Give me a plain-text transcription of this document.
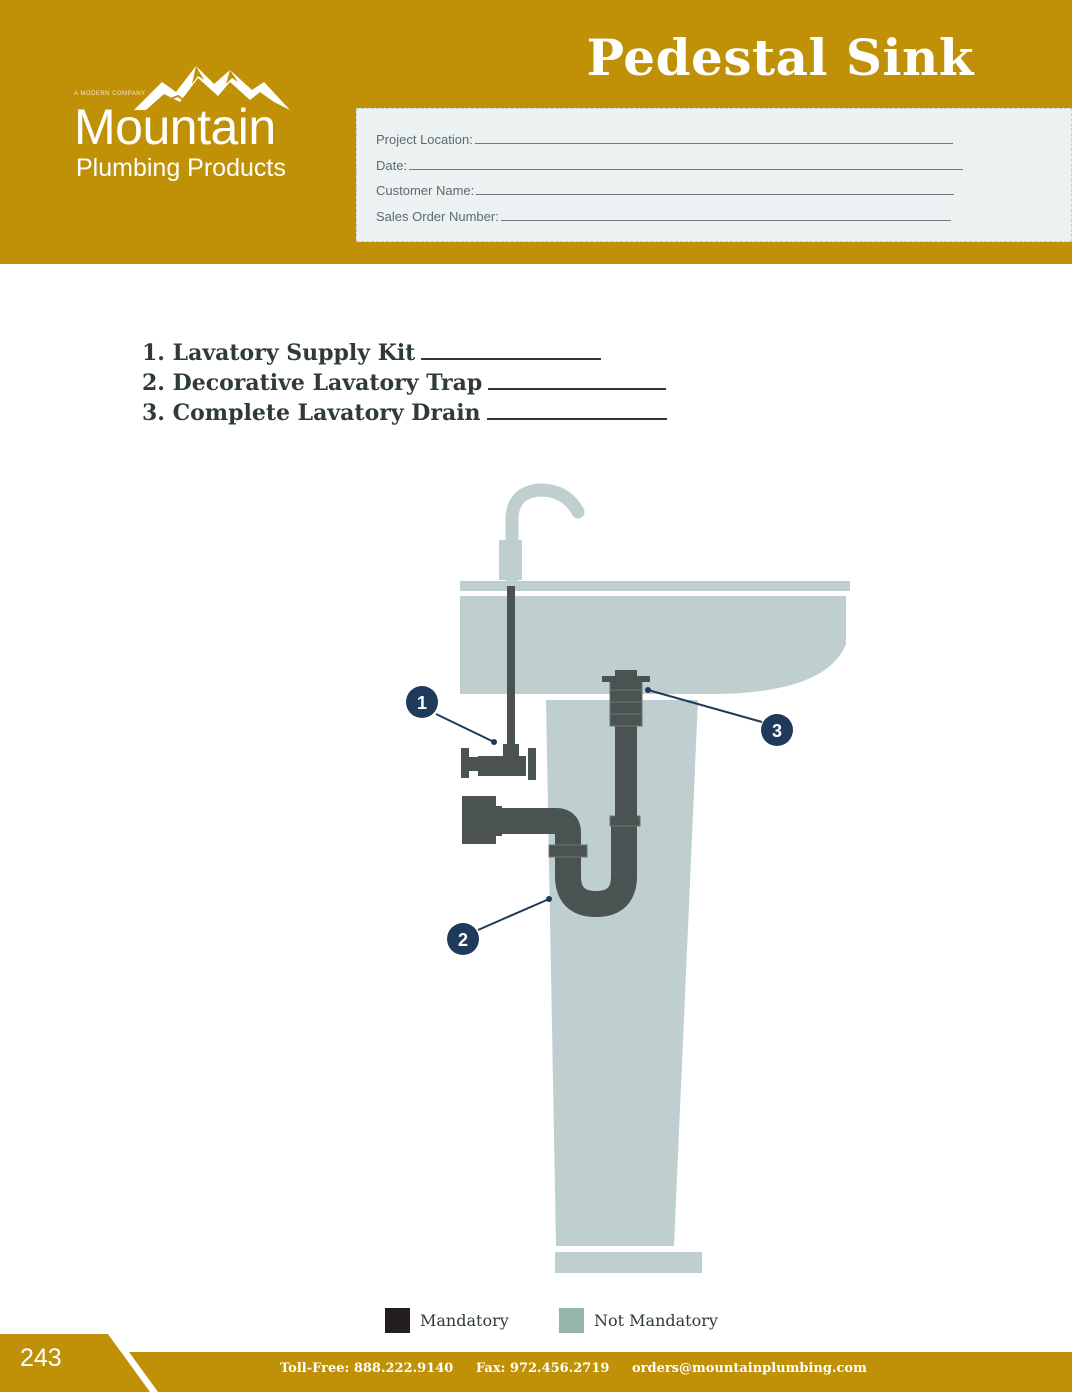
Pedestal Sink
A MODERN COMPANY
Mountain
Plumbing Products
Project Location:
Date:
Customer Name:
Sales Order Number:
1. Lavatory Supply Kit
2. Decorative Lavatory Trap
3. Complete Lavatory Drain
1
2
3
Mandatory	Not Mandatory
243	Toll-Free: 888.222.9140 Fax: 972.456.2719 orders@mountainplumbing.com
